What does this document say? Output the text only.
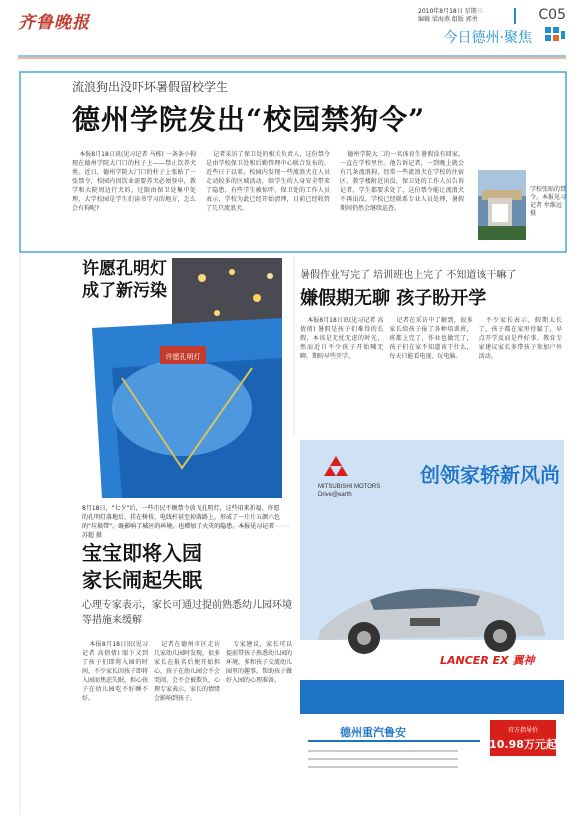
齐鲁晚报
2010年8月18日 星期三
编辑 梁海燕 组版 郭勇	C05
今日德州·聚焦
流浪狗出没吓坏暑假留校学生
德州学院发出“校园禁狗令”

本报8月18日讯(见习记者 马栋) 一条条小狗现在德州学院大门口的柱子上——禁止饮养犬类。近日，德州学院大门口的柱子上张贴了一张禁令，校园内因饮业需要养犬必须登申，教学和大院周边行犬的，过限由保卫处集中处理，大学校园是学生们读书学习的地方，怎么会有狗呢?

记者采访了保卫处的相关负责人，这份禁令是由学校保卫处和后勤管理中心联合发布的，近些日子以来，校园内发现一些流浪犬在人员走动较多的区域活动，给学生的人身安全带来了隐患，有些学生被惊吓。保卫处的工作人员表示，学校为此已经开始清理，目前已经收管了几只流浪犬。

德州学院大二的一名体育生暑假没有回家，一直在学校里住。他告诉记者，一到晚上就会有几条流浪狗，经常一些流浪犬在学校的住宿区、教学楼附近出没，保卫处的工作人员告诉记者，学生都要求处了，这份禁令能让流浪犬不再出没，学校已经联系专业人员处理，暑假期间仍然会继续巡查。

学校张贴的禁令。本报见习记者 牟维远 摄
许愿孔明灯
许愿孔明灯
成了新污染
8月18日，“七夕”后，一些市民不顾禁令放飞孔明灯，这些用来祈福、许愿的孔明灯落地后，挂在树枝、电线杆甚至掉落路上，形成了一片片五颜六色的“垃圾带”，既影响了城区的环境，也增加了火灾的隐患。本报见习记者 苏超 摄
暑假作业写完了 培训班也上完了 不知道该干嘛了
嫌假期无聊 孩子盼开学

本报8月18日讯(见习记者 高倩倩) 暑假是孩子们难得的长假，本该是无忧无虑的时光，然而近日不少孩子开始喊无聊，期盼早些开学。

记者在采访中了解到，很多家长给孩子报了各种培训班，班都上完了，作业也做完了，孩子们在家不知道该干什么，每天只能看电视、玩电脑。

不少家长表示，假期太长了，孩子都在家里待腻了，早点开学反而是件好事。教育专家建议家长多带孩子参加户外活动。

MITSUBISHI MOTORS
Drive@earth
创领家轿新风尚
LANCER EX 翼神
德州重汽鲁安	官方指导价
10.98万元起
宝宝即将入园
家长闹起失眠
心理专家表示，家长可通过提前熟悉幼儿园环境等措施来缓解

本报8月18日讯(见习记者 高倩倩) 眼下又到了孩子们即将入园的时间，不少家长因孩子即将入园而焦虑失眠，担心孩子在幼儿园吃不好睡不好。

记者在德州市区走访几家幼儿园时发现，很多家长在报名后便开始担心，孩子在幼儿园会不会哭闹、会不会被欺负，心理专家表示，家长的情绪会影响到孩子。

专家建议，家长可以提前带孩子熟悉幼儿园的环境，多和孩子交流幼儿园里的趣事，帮助孩子做好入园的心理准备。
